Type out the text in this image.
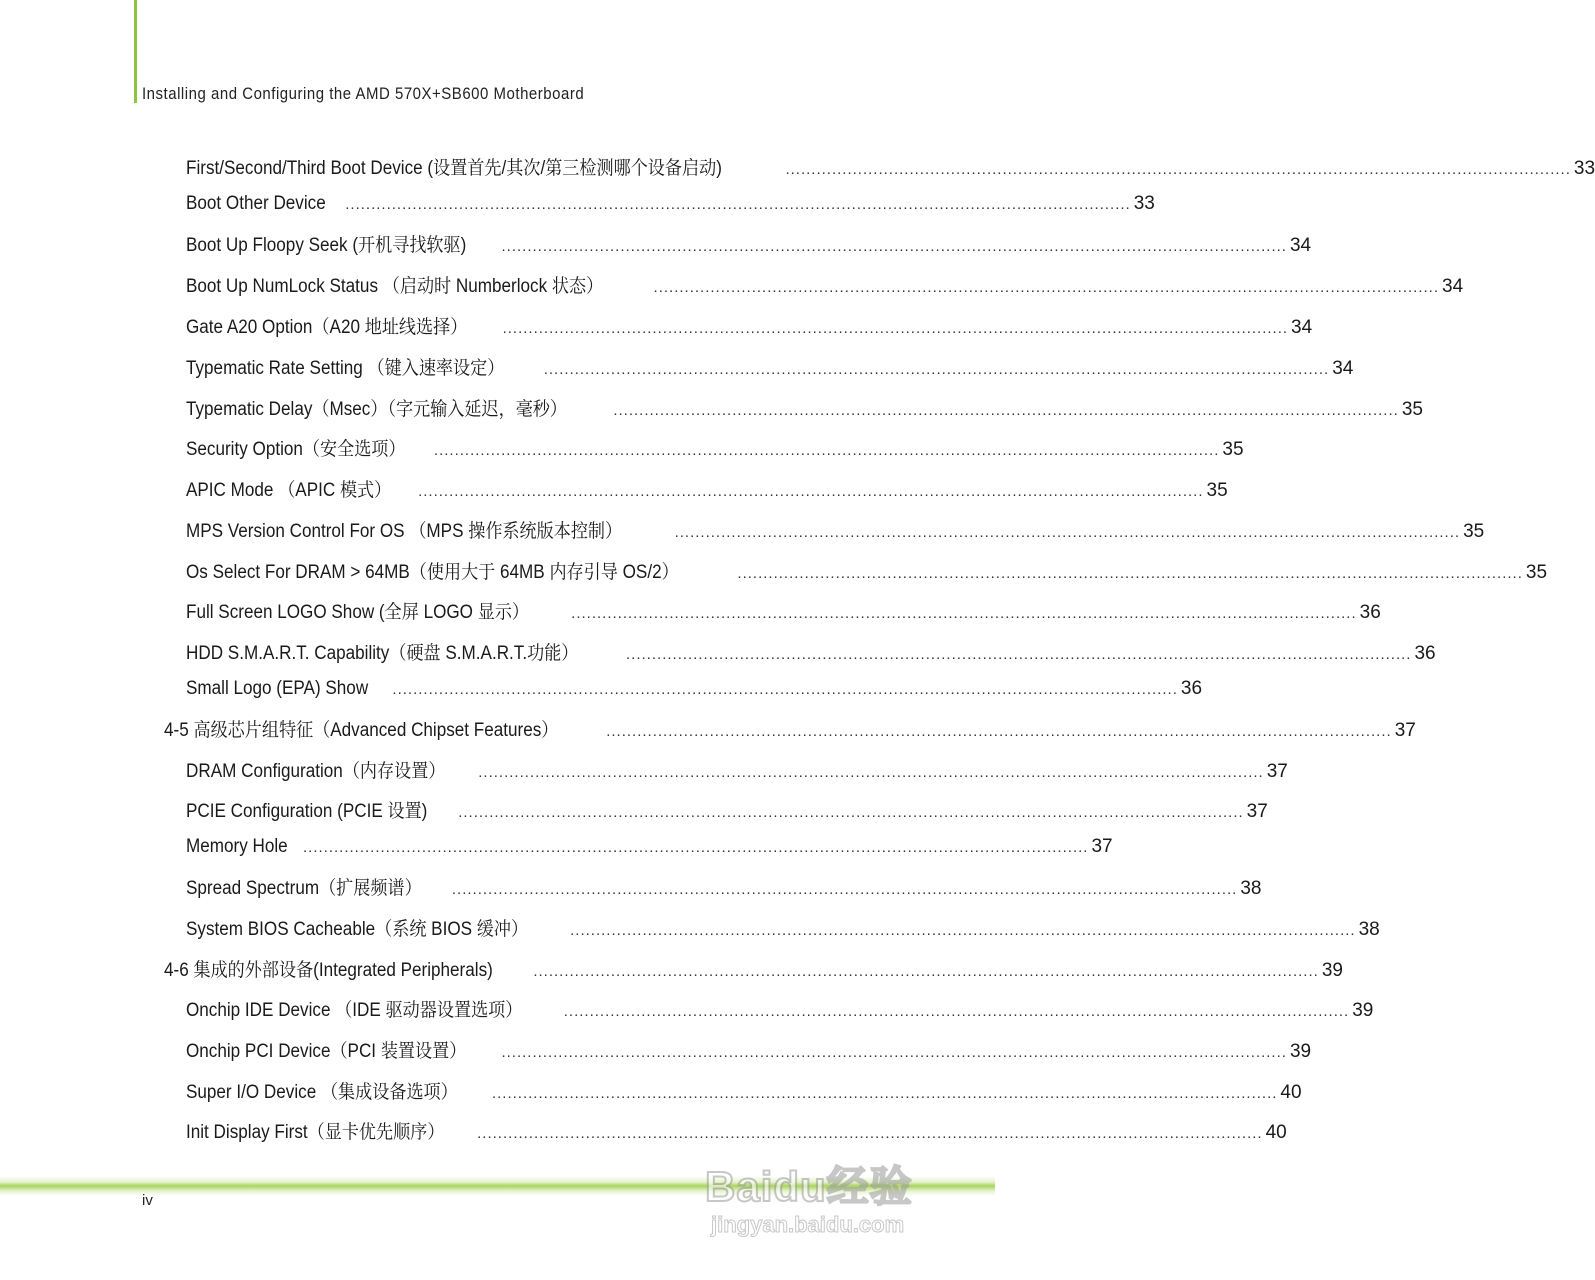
Installing and Configuring the AMD 570X+SB600 Motherboard
First/Second/Third Boot Device (设置首先/其次/第三检测哪个设备启动)	........................................................................................................................................................ 33
Boot Other Device ........................................................................................................................................................ 33
Boot Up Floopy Seek (开机寻找软驱) ........................................................................................................................................................ 34
Boot Up NumLock Status （启动时 Numberlock 状态）	........................................................................................................................................................ 34
Gate A20 Option（A20 地址线选择） ........................................................................................................................................................ 34
Typematic Rate Setting （键入速率设定）	........................................................................................................................................................ 34
Typematic Delay（Msec）（字元输入延迟，毫秒）	........................................................................................................................................................ 35
Security Option（安全选项） ........................................................................................................................................................ 35
APIC Mode （APIC 模式） ........................................................................................................................................................ 35
MPS Version Control For OS （MPS 操作系统版本控制）	........................................................................................................................................................ 35
Os Select For DRAM > 64MB（使用大于 64MB 内存引导 OS/2）	........................................................................................................................................................ 35
Full Screen LOGO Show (全屏 LOGO 显示）	........................................................................................................................................................ 36
HDD S.M.A.R.T. Capability（硬盘 S.M.A.R.T.功能）	........................................................................................................................................................ 36
Small Logo (EPA) Show ........................................................................................................................................................ 36
4-5 高级芯片组特征（Advanced Chipset Features）	........................................................................................................................................................ 37
DRAM Configuration（内存设置） ........................................................................................................................................................ 37
PCIE Configuration (PCIE 设置) ........................................................................................................................................................ 37
Memory Hole ........................................................................................................................................................ 37
Spread Spectrum（扩展频谱） ........................................................................................................................................................ 38
System BIOS Cacheable（系统 BIOS 缓冲）	........................................................................................................................................................ 38
4-6 集成的外部设备(Integrated Peripherals)	........................................................................................................................................................ 39
Onchip IDE Device （IDE 驱动器设置选项）	........................................................................................................................................................ 39
Onchip PCI Device（PCI 装置设置） ........................................................................................................................................................ 39
Super I/O Device （集成设备选项） ........................................................................................................................................................ 40
Init Display First（显卡优先顺序） ........................................................................................................................................................ 40
iv	Baidu经验
jingyan.baidu.com
